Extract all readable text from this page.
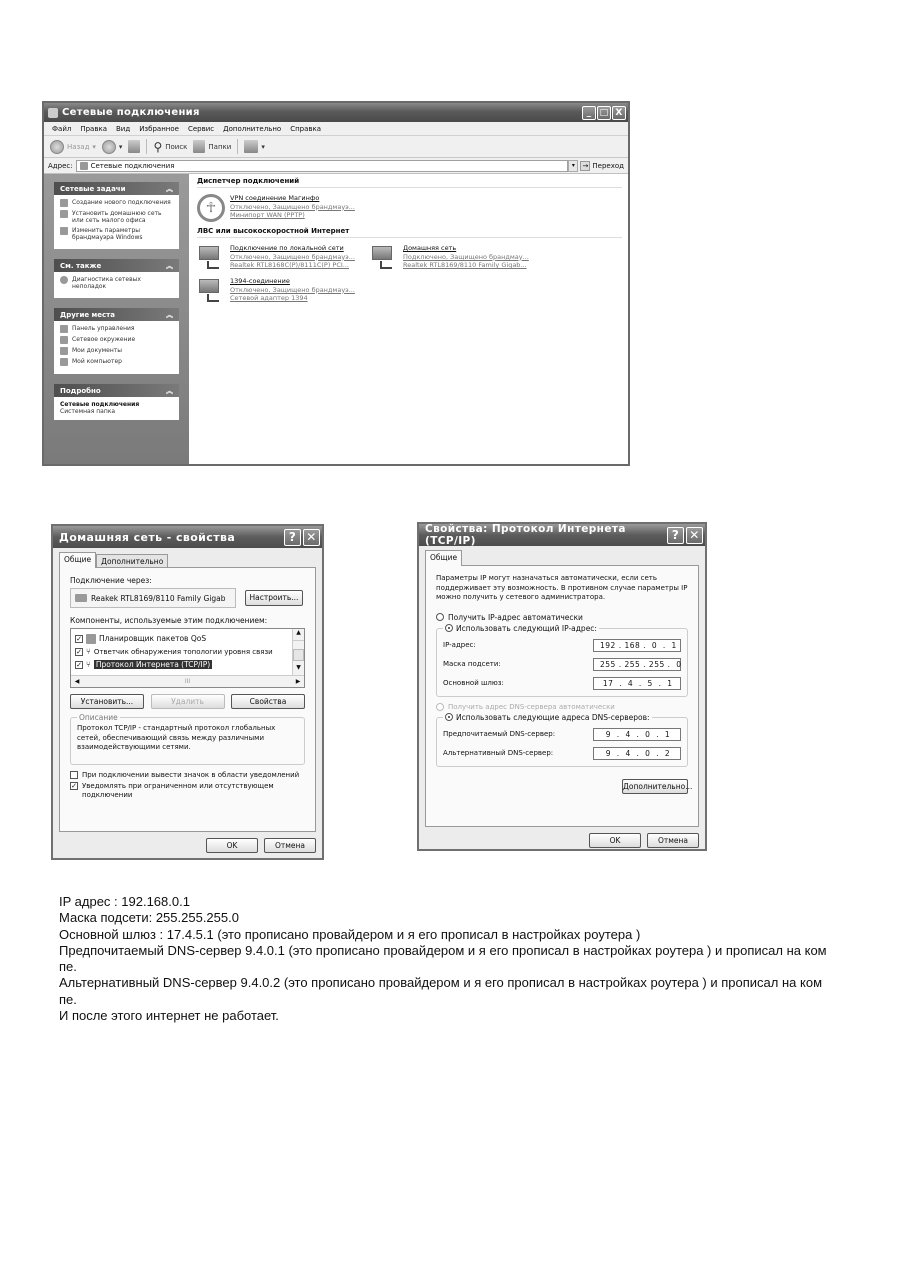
Сетевые подключения	_ □ X
Файл Правка Вид Избранное Сервис Дополнительно Справка
Назад ▾	▾	⚲ Поиск	Папки	▾
Адрес:	Сетевые подключения	▾	→ Переход
Сетевые задачи	︽
Создание нового подключения
Установить домашнюю сеть или сеть малого офиса
Изменить параметры брандмауэра Windows
См. также	︽
Диагностика сетевых неполадок
Другие места	︽
Панель управления
Сетевое окружение
Мои документы
Мой компьютер
Подробно	︽
Сетевые подключения
Системная папка
Диспетчер подключений
☥
VPN соединение Магинфо
Отключено, Защищено брандмауэ...
Минипорт WAN (PPTP)
ЛВС или высокоскоростной Интернет
Подключение по локальной сети
Отключено, Защищено брандмауэ...
Realtek RTL8168C(P)/8111C(P) PCI...
Домашняя сеть
Подключено, Защищено брандмау...
Realtek RTL8169/8110 Family Gigab...
1394-соединение
Отключено, Защищено брандмауэ...
Сетевой адаптер 1394
Домашняя сеть - свойства	? ✕
Общие	Дополнительно
Подключение через:
Reakek RTL8169/8110 Family Gigab	Настроить...
Компоненты, используемые этим подключением:
✓ Планировщик пакетов QoS
✓ ⑂ Ответчик обнаружения топологии уровня связи
✓ ⑂ Протокол Интернета (TCP/IP)
▲
▼
◀	III	▶
Установить...	Удалить	Свойства
Описание
Протокол TCP/IP - стандартный протокол глобальных сетей, обеспечивающий связь между различными взаимодействующими сетями.
При подключении вывести значок в области уведомлений
✓ Уведомлять при ограниченном или отсутствующем подключении
OK	Отмена
Свойства: Протокол Интернета (TCP/IP)	? ✕
Общие
Параметры IP могут назначаться автоматически, если сеть поддерживает эту возможность. В противном случае параметры IP можно получить у сетевого администратора.
Получить IP-адрес автоматически
Использовать следующий IP-адрес:
IP-адрес:	192 . 168 .  0  .  1
Маска подсети:	255 . 255 . 255 .  0
Основной шлюз:	17  .  4  .  5  .  1
Получить адрес DNS-сервера автоматически
Использовать следующие адреса DNS-серверов:
Предпочитаемый DNS-сервер:	9  .  4  .  0  .  1
Альтернативный DNS-сервер:	9  .  4  .  0  .  2
Дополнительно...
OK	Отмена
IP адрес : 192.168.0.1
Маска подсети: 255.255.255.0
Основной шлюз : 17.4.5.1 (это прописано провайдером и я его прописал в настройках роутера )
Предпочитаемый DNS-сервер 9.4.0.1 (это прописано провайдером и я его прописал в настройках роутера ) и прописал на ком
пе.
Альтернативный DNS-сервер 9.4.0.2 (это прописано провайдером и я его прописал в настройках роутера ) и прописал на ком
пе.
И после этого интернет не работает.
